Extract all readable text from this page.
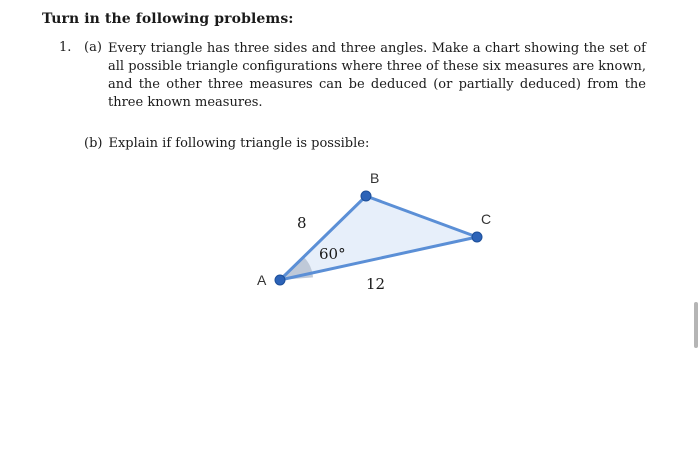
Turn in the following problems:
1. (a) Every triangle has three sides and three angles. Make a chart showing the set of all possible triangle configurations where three of these six measures are known, and the other three measures can be deduced (or partially deduced) from the three known measures.
(b) Explain if following triangle is possible:
A
B
C
8
12
60°
